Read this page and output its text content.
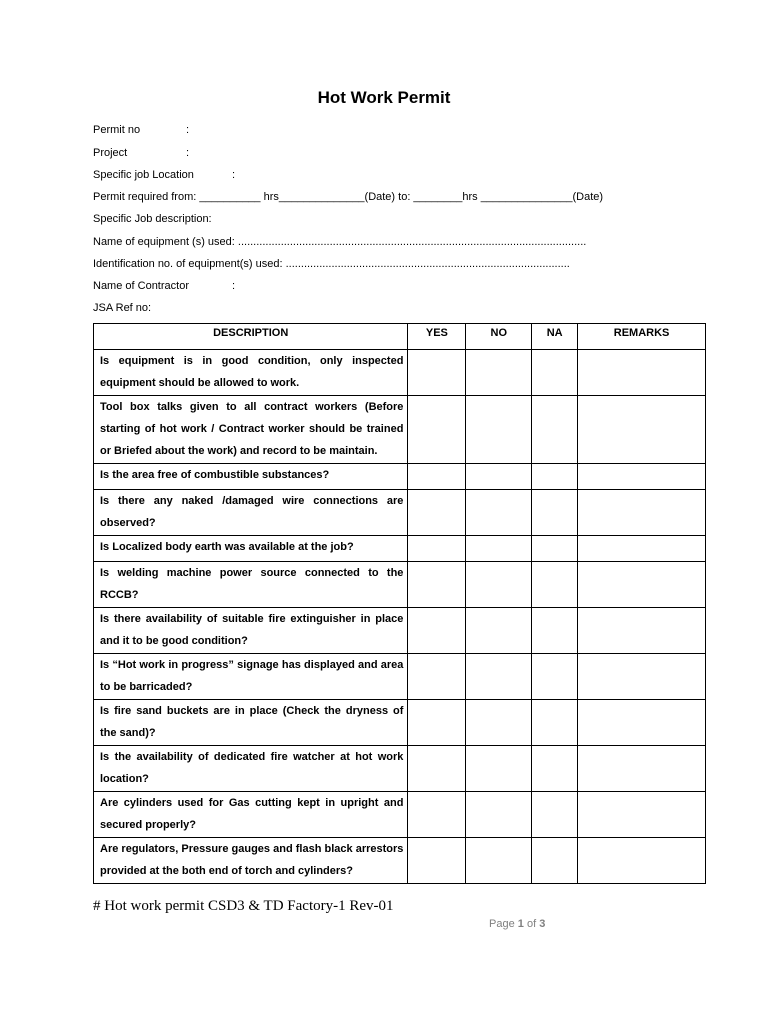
Hot Work Permit
Permit no	:
Project	:
Specific job Location	:
Permit required from: __________ hrs______________(Date) to: ________hrs _______________(Date)
Specific Job description:
Name of equipment (s) used: ..................................................................................................................
Identification no. of equipment(s) used: .............................................................................................
Name of Contractor	:
JSA Ref no:
DESCRIPTION	YES	NO	NA	REMARKS
Is equipment is in good condition, only inspected equipment should be allowed to work.				
Tool box talks given to all contract workers (Before starting of hot work / Contract worker should be trained or Briefed about the work) and record to be maintain.				
Is the area free of combustible substances?				
Is there any naked /damaged wire connections are observed?				
Is Localized body earth was available at the job?				
Is welding machine power source connected to the RCCB?				
Is there availability of suitable fire extinguisher in place and it to be good condition?				
Is “Hot work in progress” signage has displayed and area to be barricaded?				
Is fire sand buckets are in place (Check the dryness of the sand)?				
Is the availability of dedicated fire watcher at hot work location?				
Are cylinders used for Gas cutting kept in upright and secured properly?				
Are regulators, Pressure gauges and flash black arrestors provided at the both end of torch and cylinders?				
# Hot work permit CSD3 & TD Factory-1 Rev-01
Page 1 of 3
